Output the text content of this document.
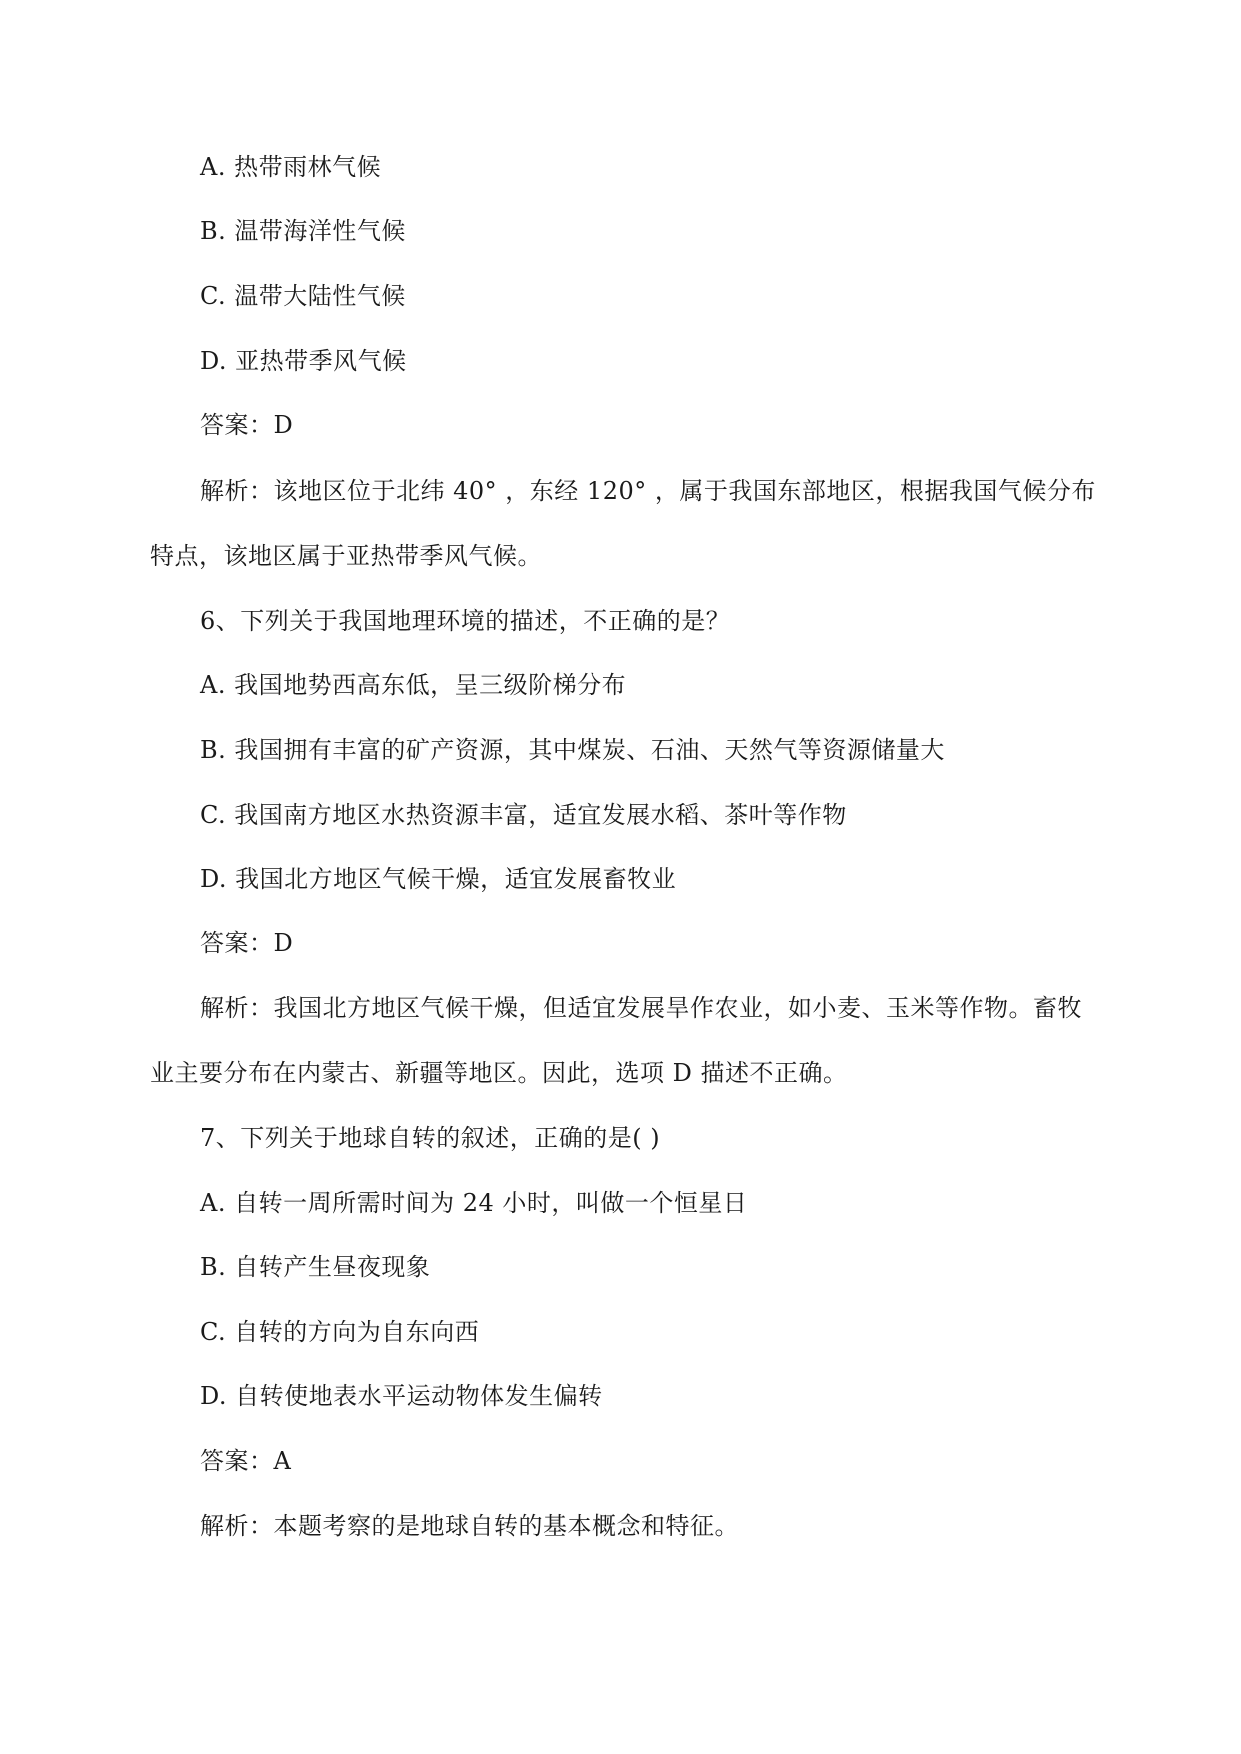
A. 热带雨林气候
B. 温带海洋性气候
C. 温带大陆性气候
D. 亚热带季风气候
答案：D
解析：该地区位于北纬 40° ，东经 120° ，属于我国东部地区，根据我国气候分布
特点，该地区属于亚热带季风气候。
6、下列关于我国地理环境的描述，不正确的是？
A. 我国地势西高东低，呈三级阶梯分布
B. 我国拥有丰富的矿产资源，其中煤炭、石油、天然气等资源储量大
C. 我国南方地区水热资源丰富，适宜发展水稻、茶叶等作物
D. 我国北方地区气候干燥，适宜发展畜牧业
答案：D
解析：我国北方地区气候干燥，但适宜发展旱作农业，如小麦、玉米等作物。畜牧
业主要分布在内蒙古、新疆等地区。因此，选项 D 描述不正确。
7、下列关于地球自转的叙述，正确的是( )
A. 自转一周所需时间为 24 小时，叫做一个恒星日
B. 自转产生昼夜现象
C. 自转的方向为自东向西
D. 自转使地表水平运动物体发生偏转
答案：A
解析：本题考察的是地球自转的基本概念和特征。
